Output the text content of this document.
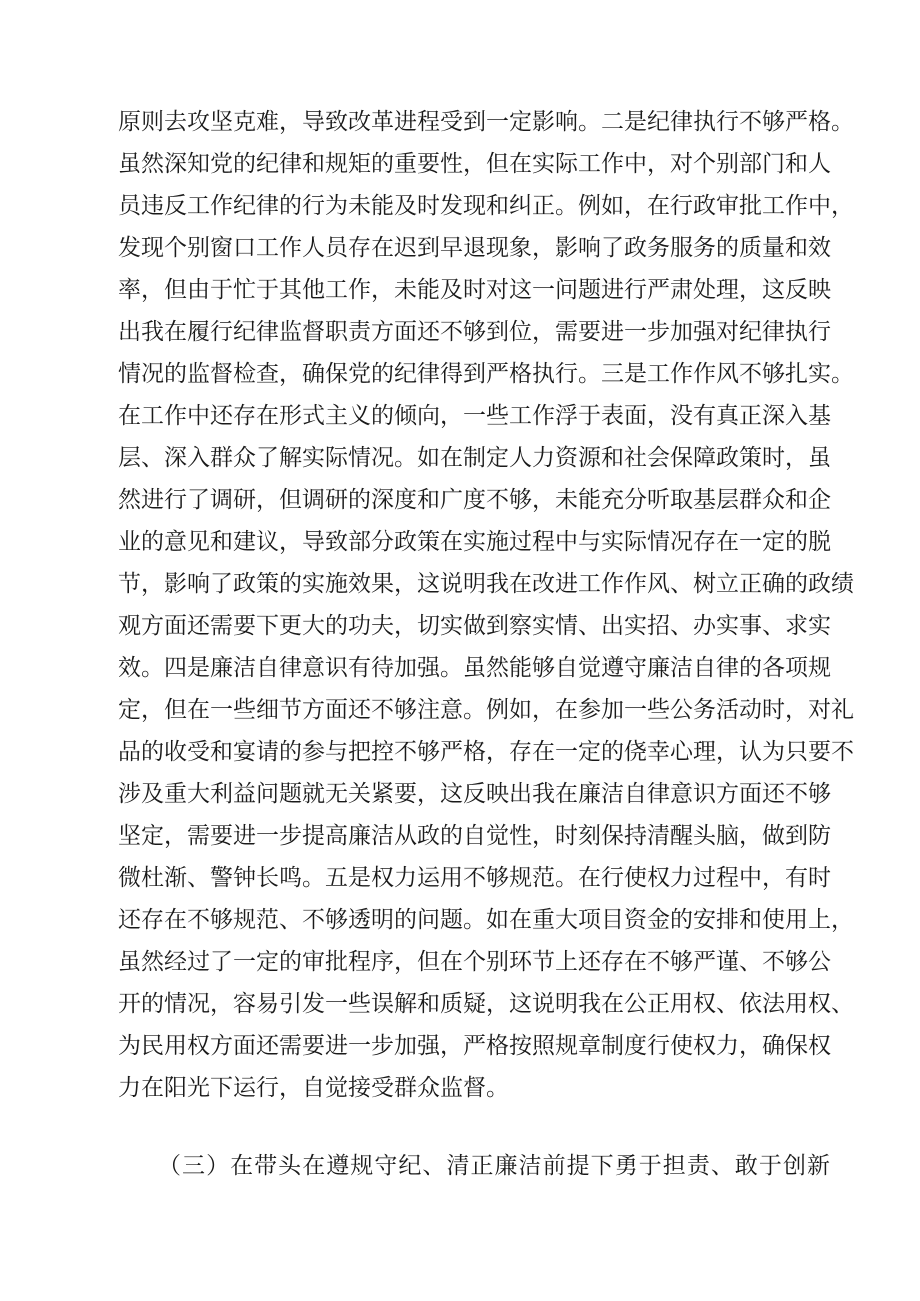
原则去攻坚克难，导致改革进程受到一定影响。二是纪律执行不够严格。
虽然深知党的纪律和规矩的重要性，但在实际工作中，对个别部门和人
员违反工作纪律的行为未能及时发现和纠正。例如，在行政审批工作中，
发现个别窗口工作人员存在迟到早退现象，影响了政务服务的质量和效
率，但由于忙于其他工作，未能及时对这一问题进行严肃处理，这反映
出我在履行纪律监督职责方面还不够到位，需要进一步加强对纪律执行
情况的监督检查，确保党的纪律得到严格执行。三是工作作风不够扎实。
在工作中还存在形式主义的倾向，一些工作浮于表面，没有真正深入基
层、深入群众了解实际情况。如在制定人力资源和社会保障政策时，虽
然进行了调研，但调研的深度和广度不够，未能充分听取基层群众和企
业的意见和建议，导致部分政策在实施过程中与实际情况存在一定的脱
节，影响了政策的实施效果，这说明我在改进工作作风、树立正确的政绩
观方面还需要下更大的功夫，切实做到察实情、出实招、办实事、求实
效。四是廉洁自律意识有待加强。虽然能够自觉遵守廉洁自律的各项规
定，但在一些细节方面还不够注意。例如，在参加一些公务活动时，对礼
品的收受和宴请的参与把控不够严格，存在一定的侥幸心理，认为只要不
涉及重大利益问题就无关紧要，这反映出我在廉洁自律意识方面还不够
坚定，需要进一步提高廉洁从政的自觉性，时刻保持清醒头脑，做到防
微杜渐、警钟长鸣。五是权力运用不够规范。在行使权力过程中，有时
还存在不够规范、不够透明的问题。如在重大项目资金的安排和使用上，
虽然经过了一定的审批程序，但在个别环节上还存在不够严谨、不够公
开的情况，容易引发一些误解和质疑，这说明我在公正用权、依法用权、
为民用权方面还需要进一步加强，严格按照规章制度行使权力，确保权
力在阳光下运行，自觉接受群众监督。
（三）在带头在遵规守纪、清正廉洁前提下勇于担责、敢于创新
